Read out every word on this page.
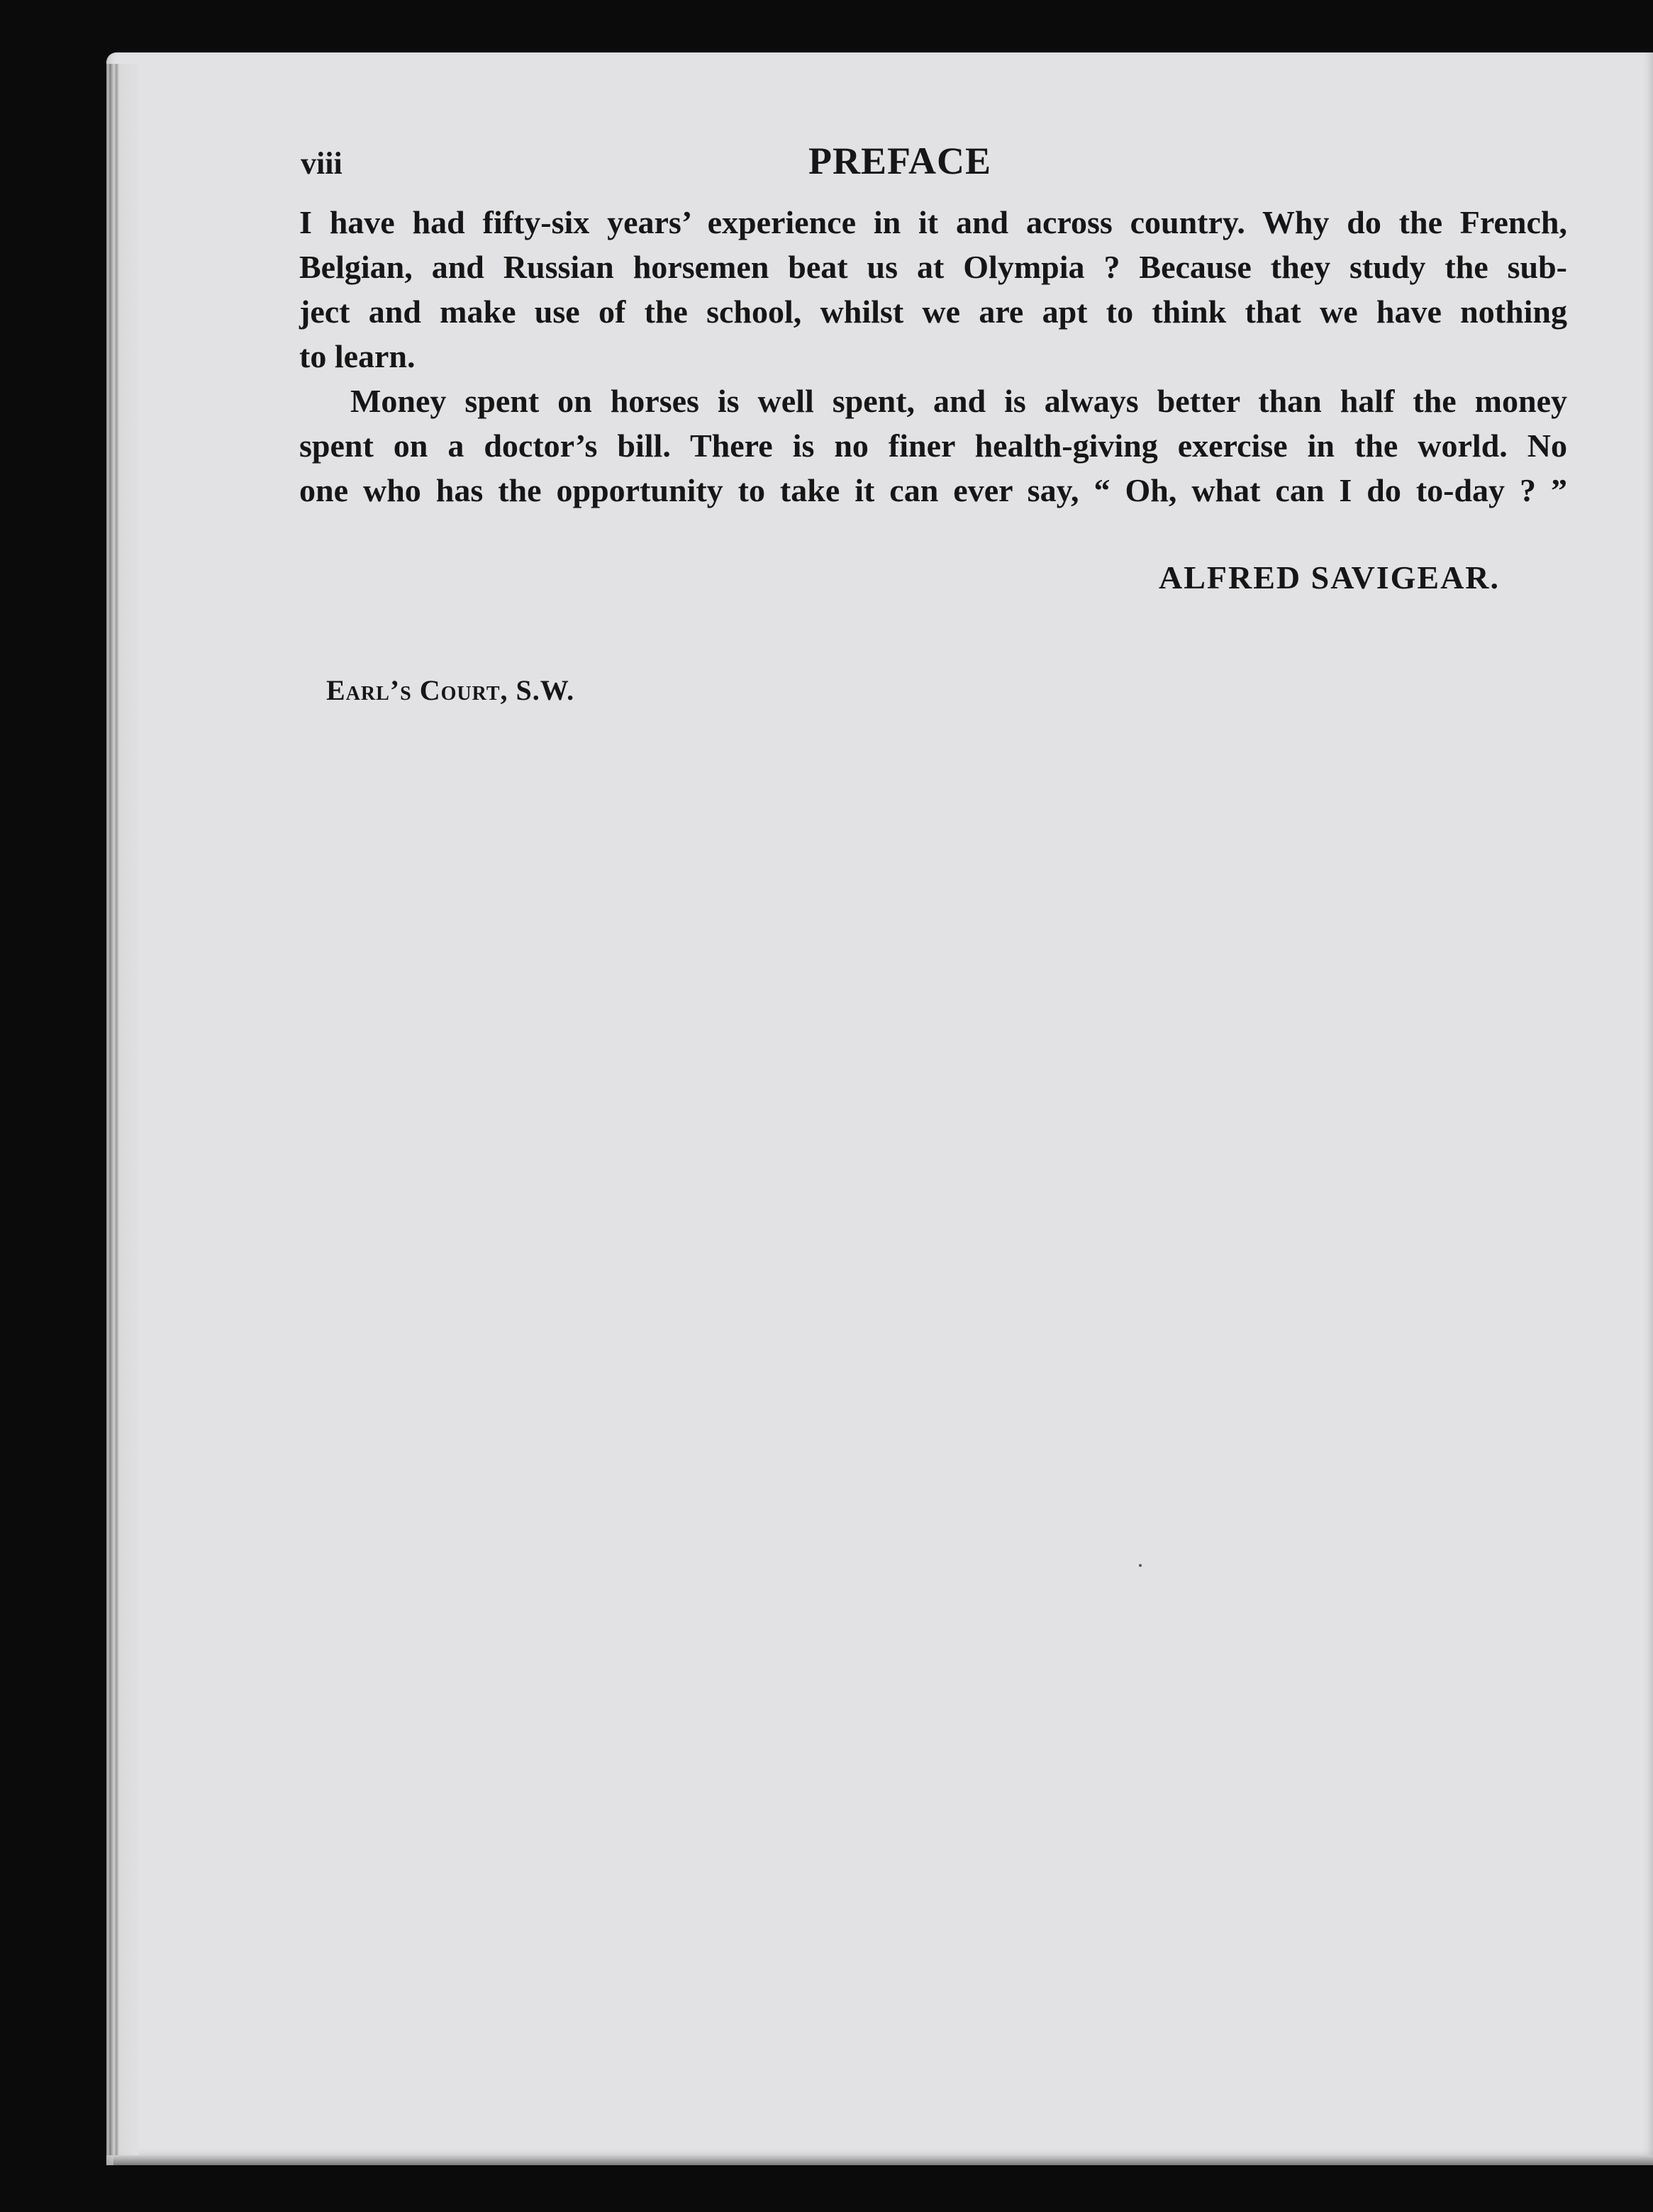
viii	PREFACE
I have had fifty-six years’ experience in it and across country. Why do the French,
Belgian, and Russian horsemen beat us at Olympia ? Because they study the sub-
ject and make use of the school, whilst we are apt to think that we have nothing
to learn.
Money spent on horses is well spent, and is always better than half the money
spent on a doctor’s bill. There is no finer health-giving exercise in the world. No
one who has the opportunity to take it can ever say, “ Oh, what can I do to-day ? ”
ALFRED SAVIGEAR.
Earl’s Court, S.W.
